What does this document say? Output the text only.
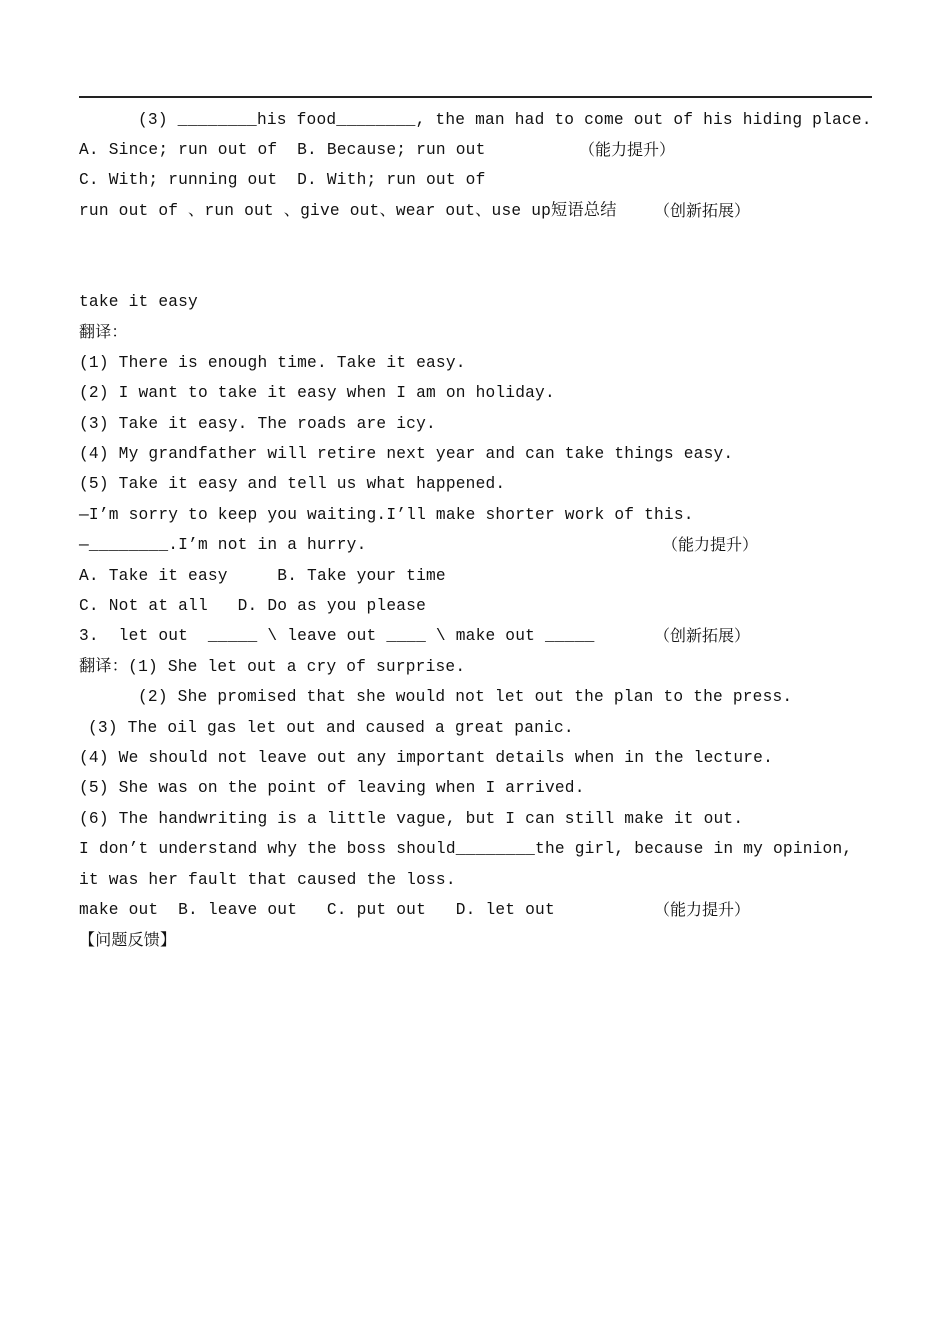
(3) ________his food________, the man had to come out of his hiding place.
A. Since; run out of  B. Because; run out	（能力提升）
C. With; running out  D. With; run out of
run out of 、run out 、give out、wear out、use up短语总结 （创新拓展）
take it easy
翻译：
(1) There is enough time. Take it easy.
(2) I want to take it easy when I am on holiday.
(3) Take it easy. The roads are icy.
(4) My grandfather will retire next year and can take things easy.
(5) Take it easy and tell us what happened.
—I’m sorry to keep you waiting.I’ll make shorter work of this.
—________.I’m not in a hurry.	（能力提升）
A. Take it easy     B. Take your time
C. Not at all   D. Do as you please
3.  let out  _____ \ leave out ____ \ make out _____	（创新拓展）
翻译：(1) She let out a cry of surprise.
(2) She promised that she would not let out the plan to the press.
(3) The oil gas let out and caused a great panic.
(4) We should not leave out any important details when in the lecture.
(5) She was on the point of leaving when I arrived.
(6) The handwriting is a little vague, but I can still make it out.
I don’t understand why the boss should________the girl, because in my opinion,
it was her fault that caused the loss.
make out  B. leave out   C. put out   D. let out	（能力提升）
【问题反馈】
